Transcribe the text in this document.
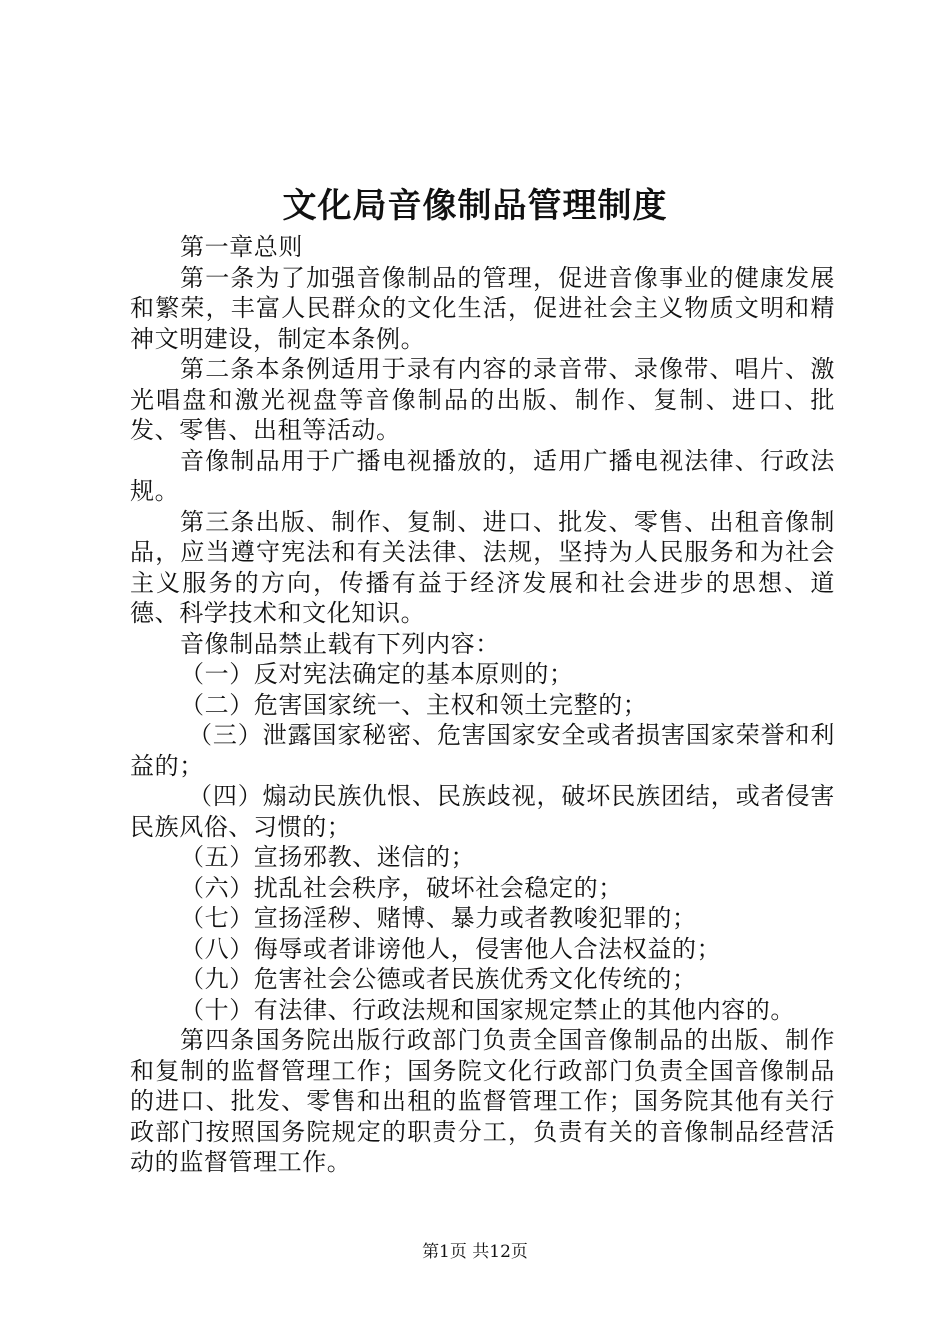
文化局音像制品管理制度

第一章总则

第一条为了加强音像制品的管理，促进音像事业的健康发展和繁荣，丰富人民群众的文化生活，促进社会主义物质文明和精神文明建设，制定本条例。

第二条本条例适用于录有内容的录音带、录像带、唱片、激光唱盘和激光视盘等音像制品的出版、制作、复制、进口、批发、零售、出租等活动。

音像制品用于广播电视播放的，适用广播电视法律、行政法规。

第三条出版、制作、复制、进口、批发、零售、出租音像制品，应当遵守宪法和有关法律、法规，坚持为人民服务和为社会主义服务的方向，传播有益于经济发展和社会进步的思想、道德、科学技术和文化知识。

音像制品禁止载有下列内容：

（一）反对宪法确定的基本原则的；

（二）危害国家统一、主权和领土完整的；

（三）泄露国家秘密、危害国家安全或者损害国家荣誉和利益的；

（四）煽动民族仇恨、民族歧视，破坏民族团结，或者侵害民族风俗、习惯的；

（五）宣扬邪教、迷信的；

（六）扰乱社会秩序，破坏社会稳定的；

（七）宣扬淫秽、赌博、暴力或者教唆犯罪的；

（八）侮辱或者诽谤他人，侵害他人合法权益的；

（九）危害社会公德或者民族优秀文化传统的；

（十）有法律、行政法规和国家规定禁止的其他内容的。

第四条国务院出版行政部门负责全国音像制品的出版、制作和复制的监督管理工作；国务院文化行政部门负责全国音像制品的进口、批发、零售和出租的监督管理工作；国务院其他有关行政部门按照国务院规定的职责分工，负责有关的音像制品经营活动的监督管理工作。

第1页 共12页
